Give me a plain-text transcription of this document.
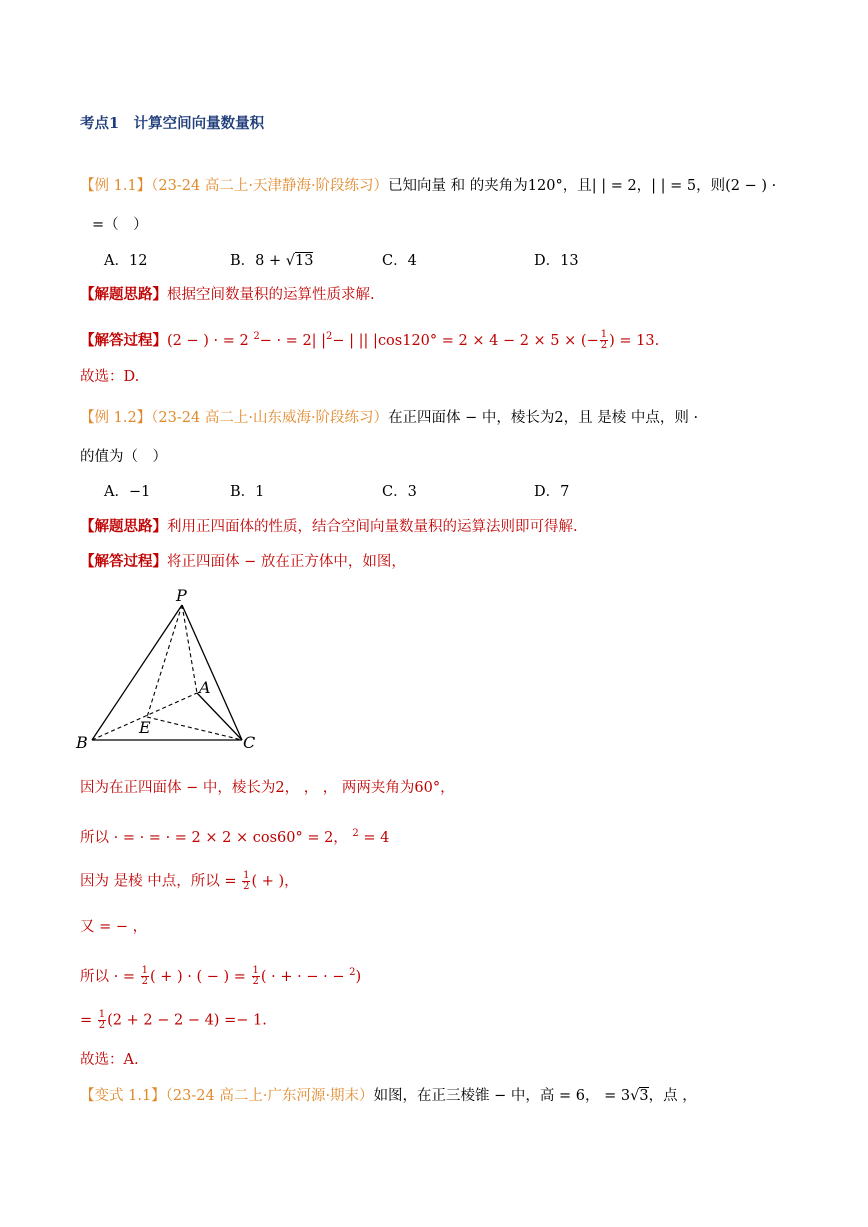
考点1　计算空间向量数量积
【例 1.1】（23-24 高二上·天津静海·阶段练习）已知向量 和 的夹角为120°，且| | = 2，| | = 5，则(2 − ) ·
=（　）
A．12	B．8 + √13	C．4	D．13
【解题思路】根据空间数量积的运算性质求解.
【解答过程】(2 − ) · = 2 $^2$− · = 2| $|^2-$ | || |cos120° = 2 × 4 − 2 × 5 × (− $\frac{1}{2}$ ) = 13.
故选：D.
【例 1.2】（23-24 高二上·山东威海·阶段练习）在正四面体 − 中，棱长为2，且 是棱 中点，则 ·
的值为（　）
A．−1	B．1	C．3	D．7
【解题思路】利用正四面体的性质，结合空间向量数量积的运算法则即可得解.
【解答过程】将正四面体 − 放在正方体中，如图，
P
A
B	C
E
因为在正四面体 − 中，棱长为2， ， ， 两两夹角为60°，
所以 · = · = · = 2 × 2 × cos60° = 2， $^2$ = 4
因为 是棱 中点，所以 = $\frac{1}{2}$ ( + )，
又 = − ，
所以 · = $\frac{1}{2}$ ( + ) · ( − ) = $\frac{1}{2}$ ( · + · − · − $^2$)
= $\frac{1}{2} (2 + 2 - 2 - 4) =- 1$.
故选：A.
【变式 1.1】（23-24 高二上·广东河源·期末）如图，在正三棱锥 − 中，高 = 6， = 3√3，点 ，
